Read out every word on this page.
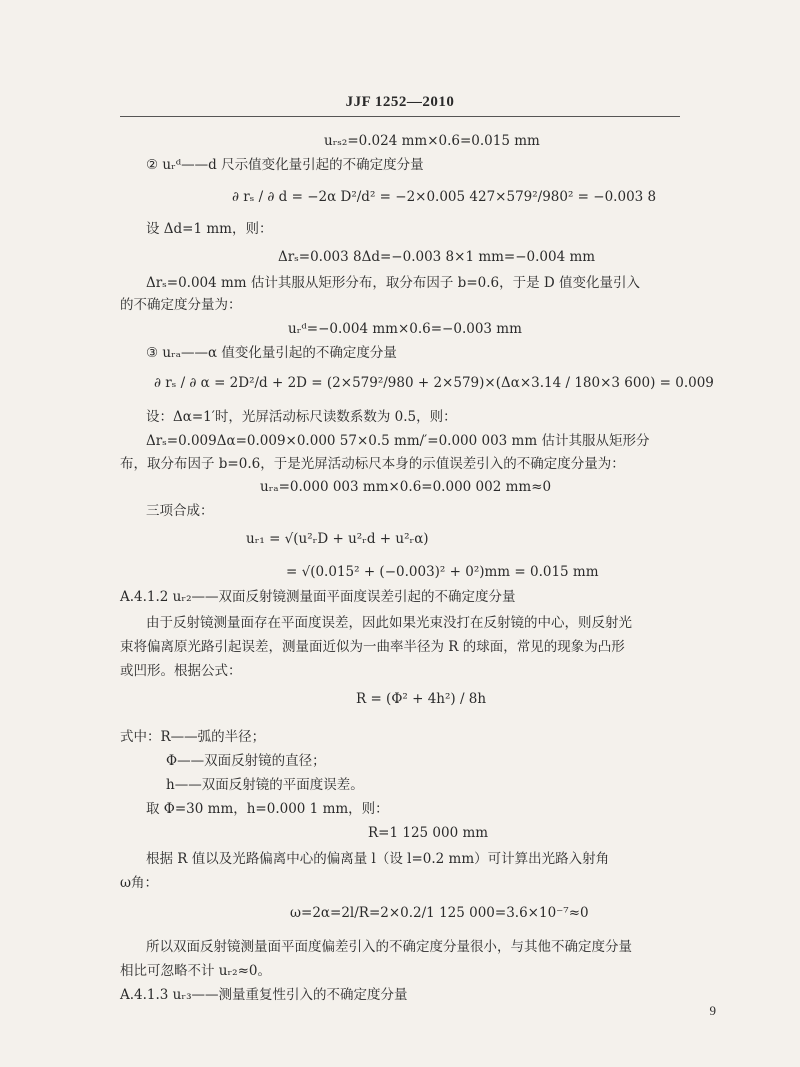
JJF 1252—2010
uᵣₛ₂=0.024 mm×0.6=0.015 mm
② uᵣᵈ——d 尺示值变化量引起的不确定度分量
∂ rₛ / ∂ d = −2α D²/d² = −2×0.005 427×579²/980² = −0.003 8
设 Δd=1 mm，则：
Δrₛ=0.003 8Δd=−0.003 8×1 mm=−0.004 mm
Δrₛ=0.004 mm 估计其服从矩形分布，取分布因子 b=0.6，于是 D 值变化量引入
的不确定度分量为：
uᵣᵈ=−0.004 mm×0.6=−0.003 mm
③ uᵣₐ——α 值变化量引起的不确定度分量
∂ rₛ / ∂ α = 2D²/d + 2D = (2×579²/980 + 2×579)×(Δα×3.14 / 180×3 600) = 0.009
设：Δα=1′时，光屏活动标尺读数系数为 0.5，则：
Δrₛ=0.009Δα=0.009×0.000 57×0.5 mm/′=0.000 003 mm 估计其服从矩形分
布，取分布因子 b=0.6，于是光屏活动标尺本身的示值误差引入的不确定度分量为：
uᵣₐ=0.000 003 mm×0.6=0.000 002 mm≈0
三项合成：
uᵣ₁ = √(u²ᵣD + u²ᵣd + u²ᵣα)
= √(0.015² + (−0.003)² + 0²)mm = 0.015 mm
A.4.1.2 uᵣ₂——双面反射镜测量面平面度误差引起的不确定度分量
由于反射镜测量面存在平面度误差，因此如果光束没打在反射镜的中心，则反射光
束将偏离原光路引起误差，测量面近似为一曲率半径为 R 的球面，常见的现象为凸形
或凹形。根据公式：
R = (Φ² + 4h²) / 8h
式中：R——弧的半径；
Φ——双面反射镜的直径；
h——双面反射镜的平面度误差。
取 Φ=30 mm，h=0.000 1 mm，则：
R=1 125 000 mm
根据 R 值以及光路偏离中心的偏离量 l（设 l=0.2 mm）可计算出光路入射角
ω角：
ω=2α=2l/R=2×0.2/1 125 000=3.6×10⁻⁷≈0
所以双面反射镜测量面平面度偏差引入的不确定度分量很小，与其他不确定度分量
相比可忽略不计 uᵣ₂≈0。
A.4.1.3 uᵣ₃——测量重复性引入的不确定度分量
9
